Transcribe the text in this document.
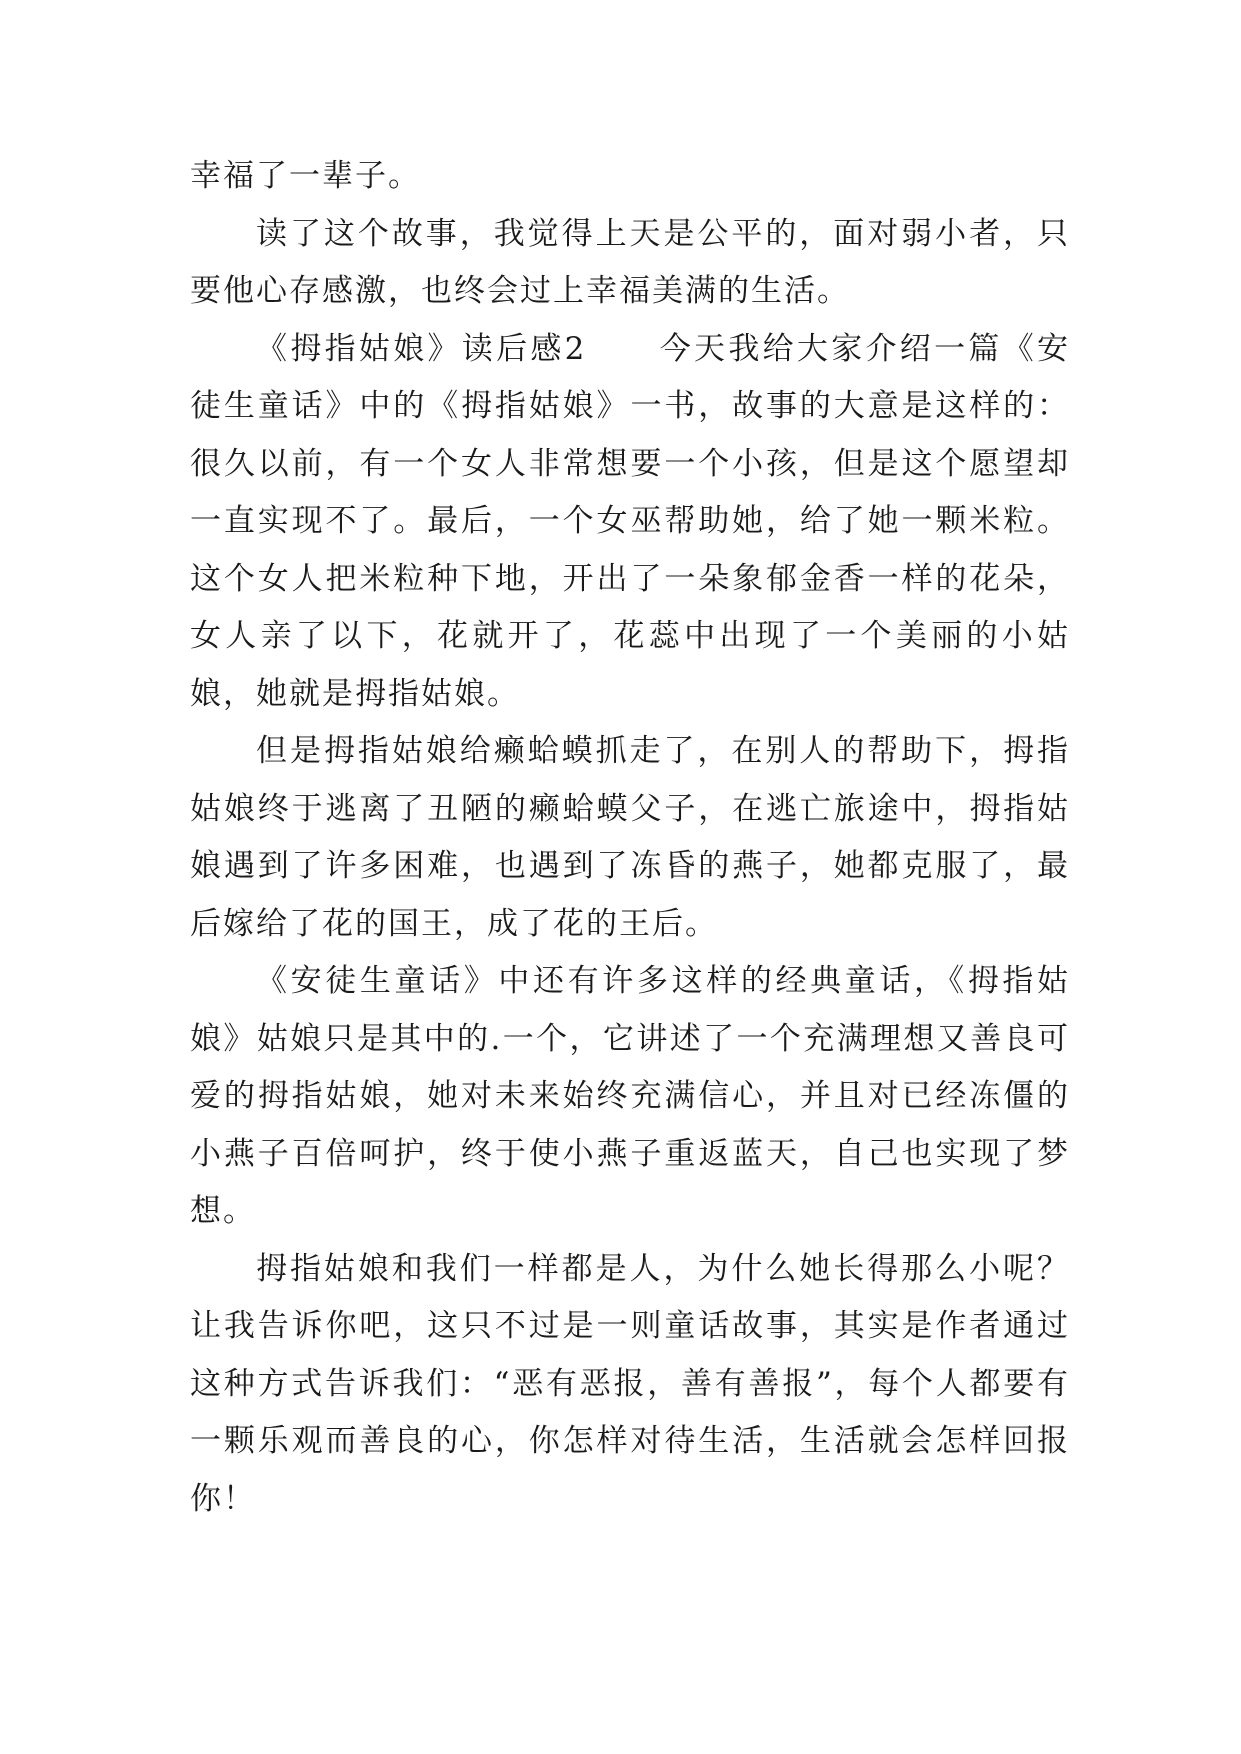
幸福了一辈子。

读了这个故事，我觉得上天是公平的，面对弱小者，只要他心存感激，也终会过上幸福美满的生活。

《拇指姑娘》读后感2 今天我给大家介绍一篇《安徒生童话》中的《拇指姑娘》一书，故事的大意是这样的：很久以前，有一个女人非常想要一个小孩，但是这个愿望却一直实现不了。最后，一个女巫帮助她，给了她一颗米粒。这个女人把米粒种下地，开出了一朵象郁金香一样的花朵，女人亲了以下，花就开了，花蕊中出现了一个美丽的小姑娘，她就是拇指姑娘。

但是拇指姑娘给癞蛤蟆抓走了，在别人的帮助下，拇指姑娘终于逃离了丑陋的癞蛤蟆父子，在逃亡旅途中，拇指姑娘遇到了许多困难，也遇到了冻昏的燕子，她都克服了，最后嫁给了花的国王，成了花的王后。

《安徒生童话》中还有许多这样的经典童话，《拇指姑娘》姑娘只是其中的.一个，它讲述了一个充满理想又善良可爱的拇指姑娘，她对未来始终充满信心，并且对已经冻僵的小燕子百倍呵护，终于使小燕子重返蓝天，自己也实现了梦想。

拇指姑娘和我们一样都是人，为什么她长得那么小呢？让我告诉你吧，这只不过是一则童话故事，其实是作者通过这种方式告诉我们：“恶有恶报，善有善报”，每个人都要有一颗乐观而善良的心，你怎样对待生活，生活就会怎样回报你！
